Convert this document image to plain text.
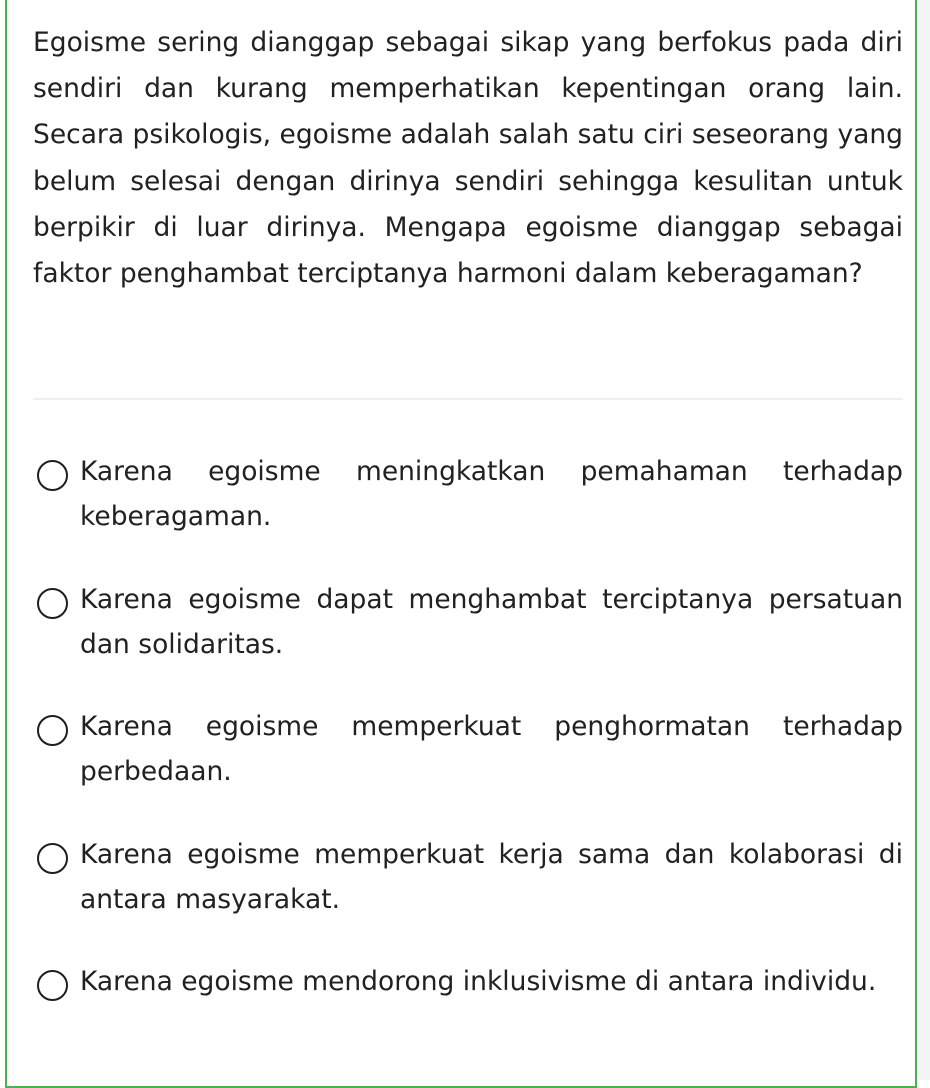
Egoisme sering dianggap sebagai sikap yang berfokus pada diri sendiri dan kurang memperhatikan kepentingan orang lain. Secara psikologis, egoisme adalah salah satu ciri seseorang yang belum selesai dengan dirinya sendiri sehingga kesulitan untuk berpikir di luar dirinya. Mengapa egoisme dianggap sebagai faktor penghambat terciptanya harmoni dalam keberagaman?

Karena egoisme meningkatkan pemahaman terhadap keberagaman.
Karena egoisme dapat menghambat terciptanya persatuan dan solidaritas.
Karena egoisme memperkuat penghormatan terhadap perbedaan.
Karena egoisme memperkuat kerja sama dan kolaborasi di antara masyarakat.
Karena egoisme mendorong inklusivisme di antara individu.
